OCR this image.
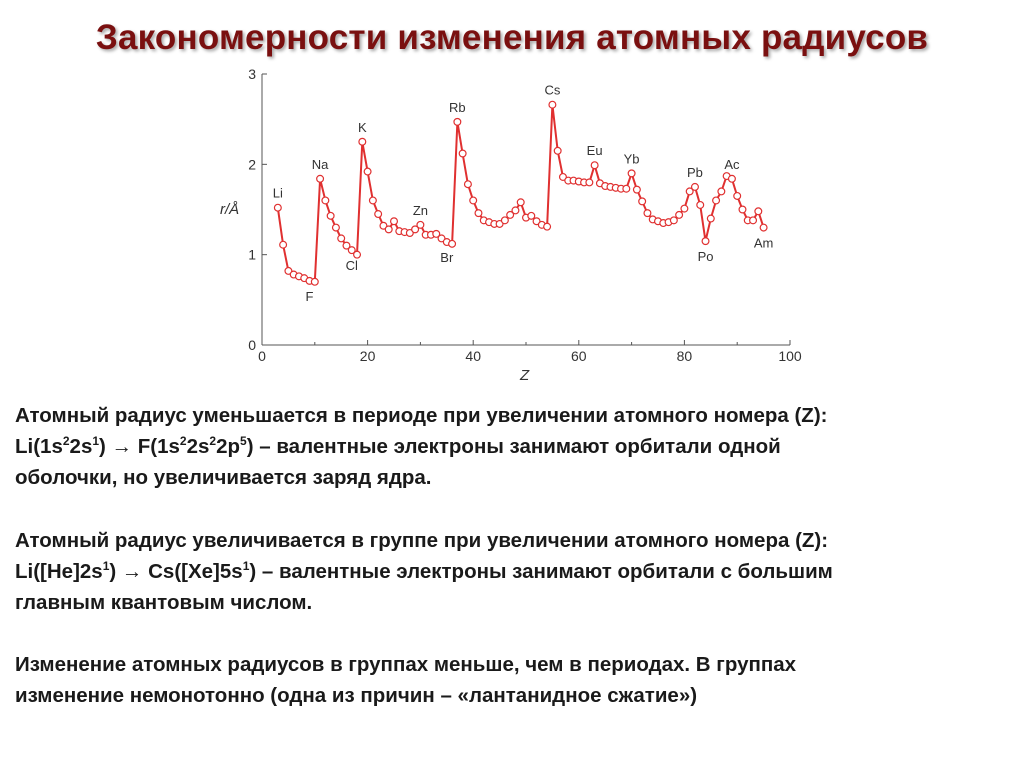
Закономерности изменения атомных радиусов
0
1
2
3
0	20	40	60	80	100
Li
F
Na
Cl
K
Zn
Br
Rb
Cs
Eu
Yb
Pb
Po
Ac
Am
r/Å
Z

Атомный радиус уменьшается в периоде при увеличении атомного номера (Z):
$Li(1s^22s^1) \to F(1s^22s^22p^5)$ – валентные электроны занимают орбитали одной
оболочки, но увеличивается заряд ядра.

Атомный радиус увеличивается в группе при увеличении атомного номера (Z):
$Li([He]2s^1) \to Cs([Xe]5s^1)$ – валентные электроны занимают орбитали с большим
главным квантовым числом.

Изменение атомных радиусов в группах меньше, чем в периодах. В группах
изменение немонотонно (одна из причин – «лантанидное сжатие»)
